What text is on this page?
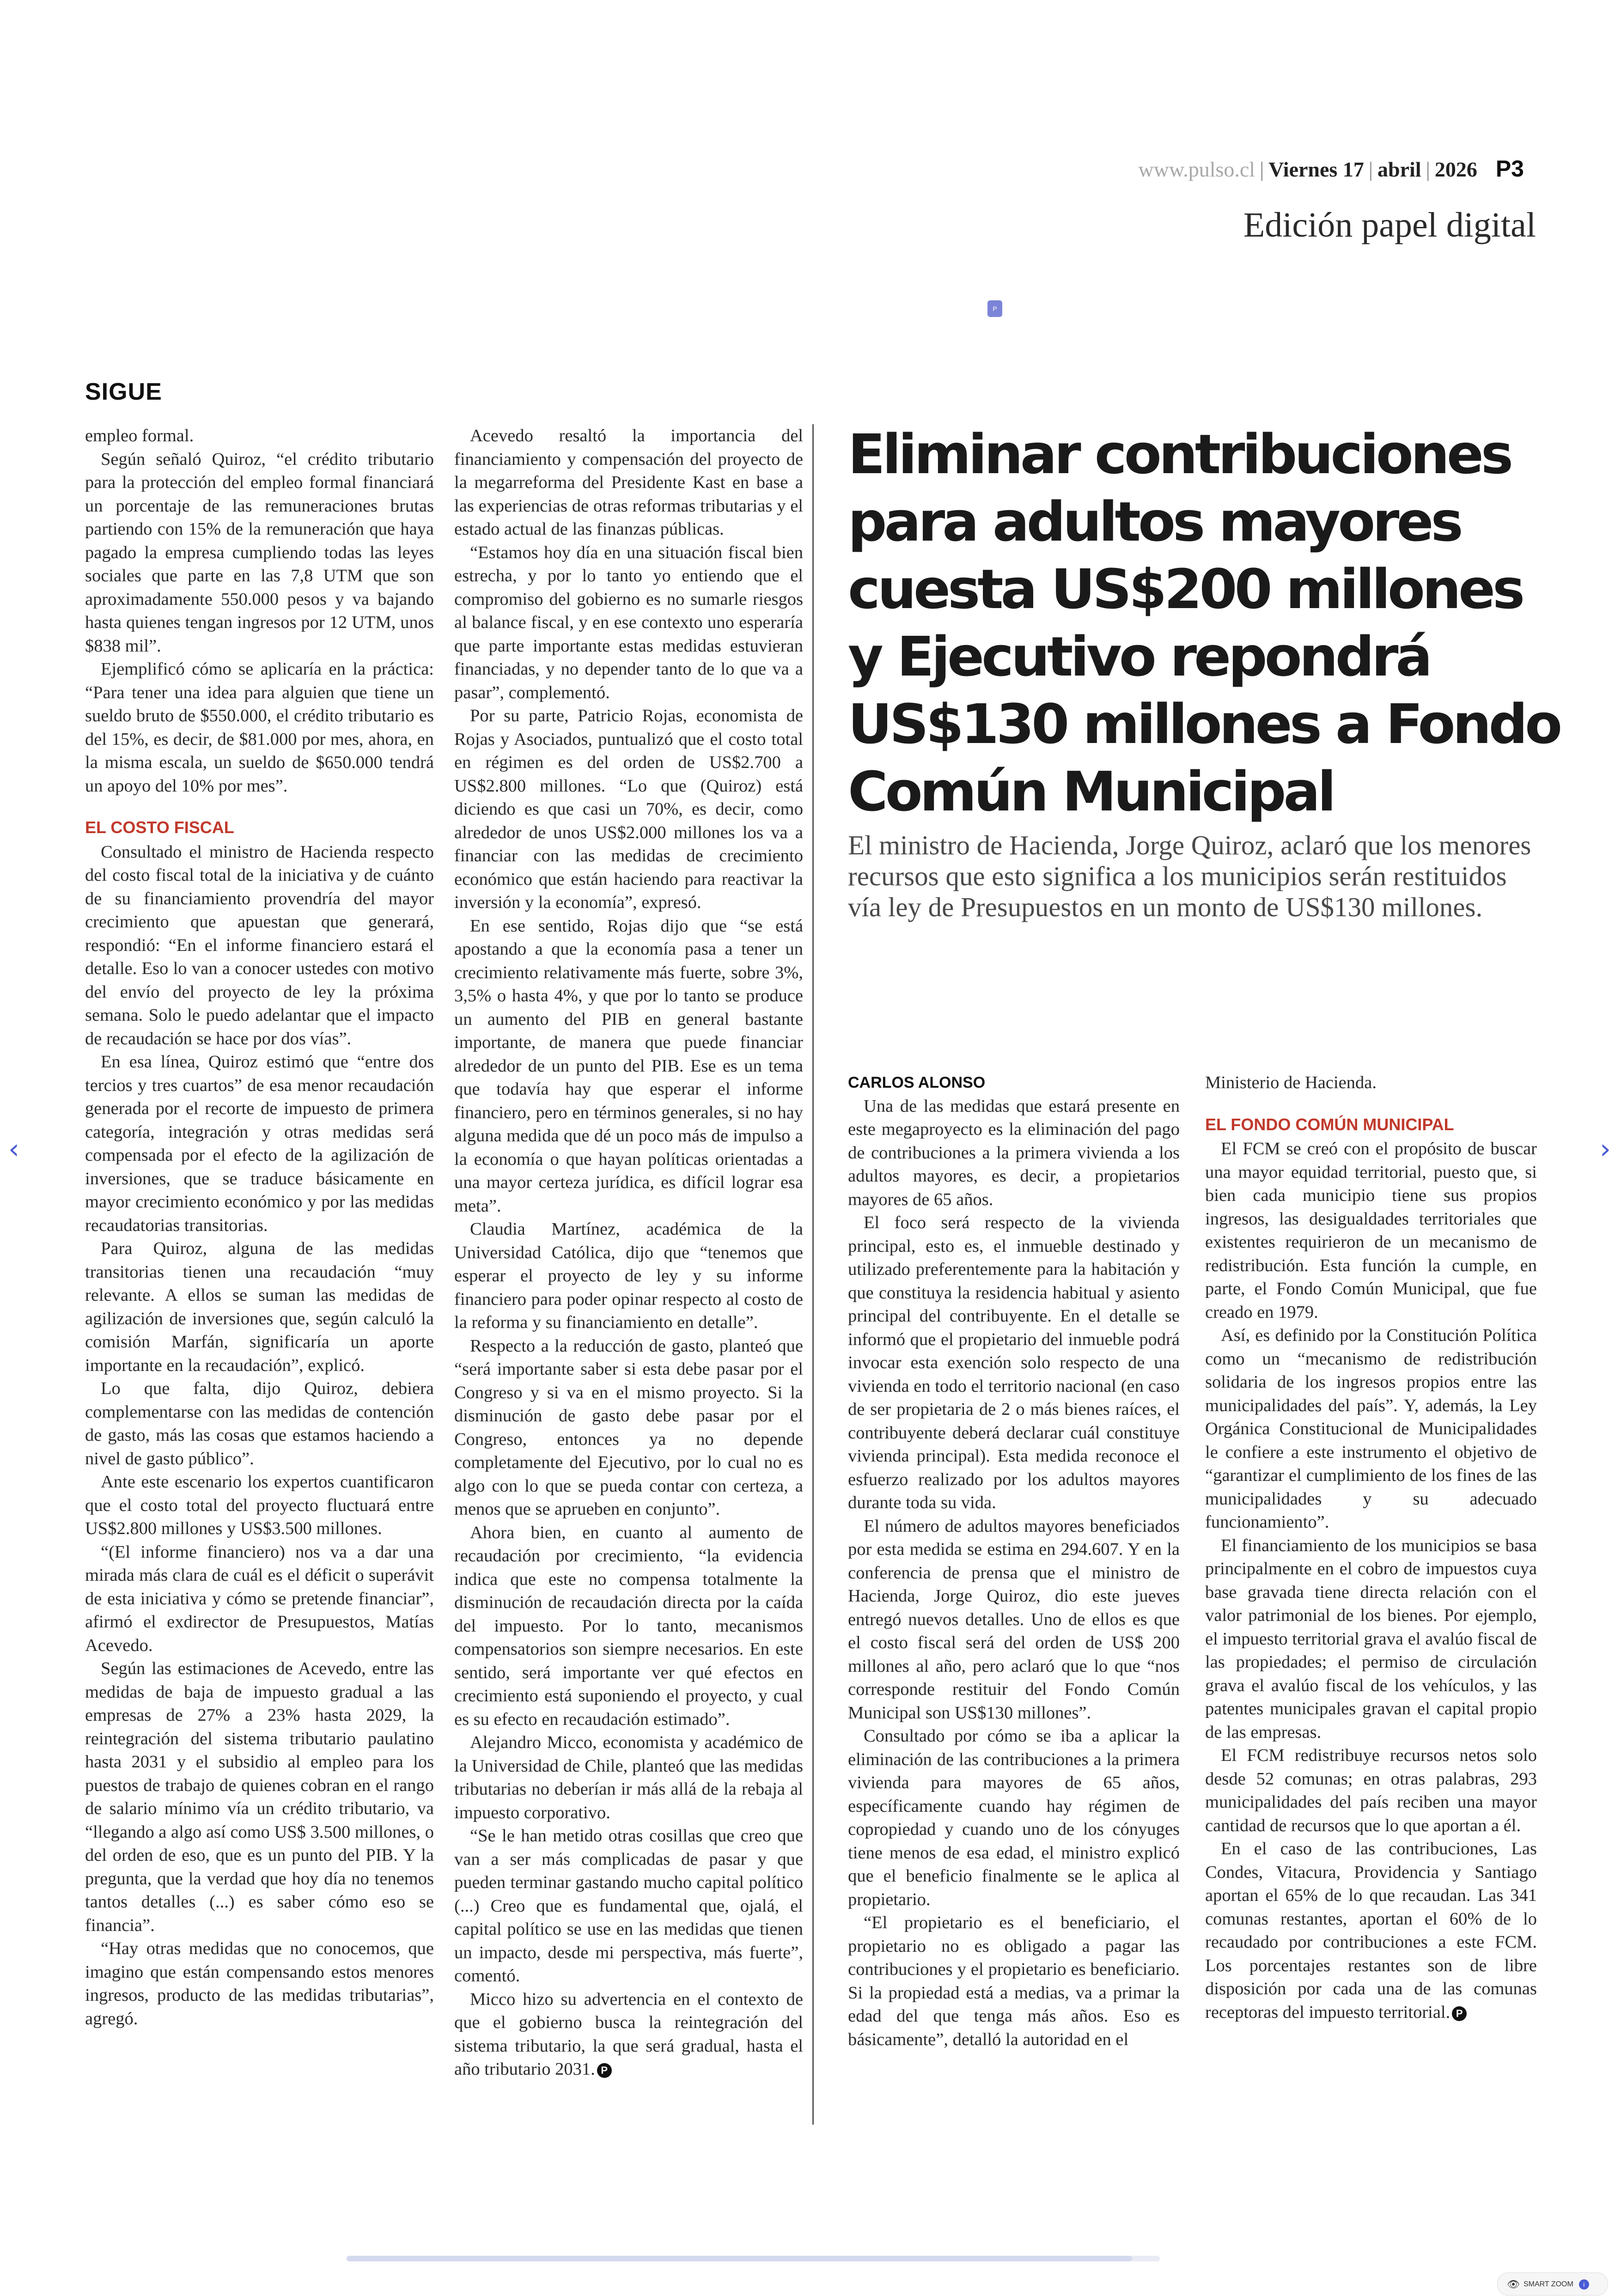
www.pulso.cl | Viernes 17 | abril | 2026 P3
Edición papel digital
P
SIGUE

empleo formal.

Según señaló Quiroz, “el crédito tributario para la protección del empleo formal financiará un porcentaje de las remuneraciones brutas partiendo con 15% de la remuneración que haya pagado la empresa cumpliendo todas las leyes sociales que parte en las 7,8 UTM que son aproximadamente 550.000 pesos y va bajando hasta quienes tengan ingresos por 12 UTM, unos $838 mil”.

Ejemplificó cómo se aplicaría en la práctica: “Para tener una idea para alguien que tiene un sueldo bruto de $550.000, el crédito tributario es del 15%, es decir, de $81.000 por mes, ahora, en la misma escala, un sueldo de $650.000 tendrá un apoyo del 10% por mes”.

EL COSTO FISCAL

Consultado el ministro de Hacienda respecto del costo fiscal total de la iniciativa y de cuánto de su financiamiento provendría del mayor crecimiento que apuestan que generará, respondió: “En el informe financiero estará el detalle. Eso lo van a conocer ustedes con motivo del envío del proyecto de ley la próxima semana. Solo le puedo adelantar que el impacto de recaudación se hace por dos vías”.

En esa línea, Quiroz estimó que “entre dos tercios y tres cuartos” de esa menor recaudación generada por el recorte de impuesto de primera categoría, integración y otras medidas será compensada por el efecto de la agilización de inversiones, que se traduce básicamente en mayor crecimiento económico y por las medidas recaudatorias transitorias.

Para Quiroz, alguna de las medidas transitorias tienen una recaudación “muy relevante. A ellos se suman las medidas de agilización de inversiones que, según calculó la comisión Marfán, significaría un aporte importante en la recaudación”, explicó.

Lo que falta, dijo Quiroz, debiera complementarse con las medidas de contención de gasto, más las cosas que estamos haciendo a nivel de gasto público”.

Ante este escenario los expertos cuantificaron que el costo total del proyecto fluctuará entre US$2.800 millones y US$3.500 millones.

“(El informe financiero) nos va a dar una mirada más clara de cuál es el déficit o superávit de esta iniciativa y cómo se pretende financiar”, afirmó el exdirector de Presupuestos, Matías Acevedo.

Según las estimaciones de Acevedo, entre las medidas de baja de impuesto gradual a las empresas de 27% a 23% hasta 2029, la reintegración del sistema tributario paulatino hasta 2031 y el subsidio al empleo para los puestos de trabajo de quienes cobran en el rango de salario mínimo vía un crédito tributario, va “llegando a algo así como US$ 3.500 millones, o del orden de eso, que es un punto del PIB. Y la pregunta, que la verdad que hoy día no tenemos tantos detalles (...) es saber cómo eso se financia”.

“Hay otras medidas que no conocemos, que imagino que están compensando estos menores ingresos, producto de las medidas tributarias”, agregó.

Acevedo resaltó la importancia del financiamiento y compensación del proyecto de la megarreforma del Presidente Kast en base a las experiencias de otras reformas tributarias y el estado actual de las finanzas públicas.

“Estamos hoy día en una situación fiscal bien estrecha, y por lo tanto yo entiendo que el compromiso del gobierno es no sumarle riesgos al balance fiscal, y en ese contexto uno esperaría que parte importante estas medidas estuvieran financiadas, y no depender tanto de lo que va a pasar”, complementó.

Por su parte, Patricio Rojas, economista de Rojas y Asociados, puntualizó que el costo total en régimen es del orden de US$2.700 a US$2.800 millones. “Lo que (Quiroz) está diciendo es que casi un 70%, es decir, como alrededor de unos US$2.000 millones los va a financiar con las medidas de crecimiento económico que están haciendo para reactivar la inversión y la economía”, expresó.

En ese sentido, Rojas dijo que “se está apostando a que la economía pasa a tener un crecimiento relativamente más fuerte, sobre 3%, 3,5% o hasta 4%, y que por lo tanto se produce un aumento del PIB en general bastante importante, de manera que puede financiar alrededor de un punto del PIB. Ese es un tema que todavía hay que esperar el informe financiero, pero en términos generales, si no hay alguna medida que dé un poco más de impulso a la economía o que hayan políticas orientadas a una mayor certeza jurídica, es difícil lograr esa meta”.

Claudia Martínez, académica de la Universidad Católica, dijo que “tenemos que esperar el proyecto de ley y su informe financiero para poder opinar respecto al costo de la reforma y su financiamiento en detalle”.

Respecto a la reducción de gasto, planteó que “será importante saber si esta debe pasar por el Congreso y si va en el mismo proyecto. Si la disminución de gasto debe pasar por el Congreso, entonces ya no depende completamente del Ejecutivo, por lo cual no es algo con lo que se pueda contar con certeza, a menos que se aprueben en conjunto”.

Ahora bien, en cuanto al aumento de recaudación por crecimiento, “la evidencia indica que este no compensa totalmente la disminución de recaudación directa por la caída del impuesto. Por lo tanto, mecanismos compensatorios son siempre necesarios. En este sentido, será importante ver qué efectos en crecimiento está suponiendo el proyecto, y cual es su efecto en recaudación estimado”.

Alejandro Micco, economista y académico de la Universidad de Chile, planteó que las medidas tributarias no deberían ir más allá de la rebaja al impuesto corporativo.

“Se le han metido otras cosillas que creo que van a ser más complicadas de pasar y que pueden terminar gastando mucho capital político (...) Creo que es fundamental que, ojalá, el capital político se use en las medidas que tienen un impacto, desde mi perspectiva, más fuerte”, comentó.

Micco hizo su advertencia en el contexto de que el gobierno busca la reintegración del sistema tributario, la que será gradual, hasta el año tributario 2031. P

Eliminar contribuciones
para adultos mayores
cuesta US$200 millones
y Ejecutivo repondrá
US$130 millones a Fondo
Común Municipal
El ministro de Hacienda, Jorge Quiroz, aclaró que los menores recursos que esto significa a los municipios serán restituidos vía ley de Presupuestos en un monto de US$130 millones.

CARLOS ALONSO

Una de las medidas que estará presente en este megaproyecto es la eliminación del pago de contribuciones a la primera vivienda a los adultos mayores, es decir, a propietarios mayores de 65 años.

El foco será respecto de la vivienda principal, esto es, el inmueble destinado y utilizado preferentemente para la habitación y que constituya la residencia habitual y asiento principal del contribuyente. En el detalle se informó que el propietario del inmueble podrá invocar esta exención solo respecto de una vivienda en todo el territorio nacional (en caso de ser propietaria de 2 o más bienes raíces, el contribuyente deberá declarar cuál constituye vivienda principal). Esta medida reconoce el esfuerzo realizado por los adultos mayores durante toda su vida.

El número de adultos mayores beneficiados por esta medida se estima en 294.607. Y en la conferencia de prensa que el ministro de Hacienda, Jorge Quiroz, dio este jueves entregó nuevos detalles. Uno de ellos es que el costo fiscal será del orden de US$ 200 millones al año, pero aclaró que lo que “nos corresponde restituir del Fondo Común Municipal son US$130 millones”.

Consultado por cómo se iba a aplicar la eliminación de las contribuciones a la primera vivienda para mayores de 65 años, específicamente cuando hay régimen de copropiedad y cuando uno de los cónyuges tiene menos de esa edad, el ministro explicó que el beneficio finalmente se le aplica al propietario.

“El propietario es el beneficiario, el propietario no es obligado a pagar las contribuciones y el propietario es beneficiario. Si la propiedad está a medias, va a primar la edad del que tenga más años. Eso es básicamente”, detalló la autoridad en el

Ministerio de Hacienda.

EL FONDO COMÚN MUNICIPAL

El FCM se creó con el propósito de buscar una mayor equidad territorial, puesto que, si bien cada municipio tiene sus propios ingresos, las desigualdades territoriales que existentes requirieron de un mecanismo de redistribución. Esta función la cumple, en parte, el Fondo Común Municipal, que fue creado en 1979.

Así, es definido por la Constitución Política como un “mecanismo de redistribución solidaria de los ingresos propios entre las municipalidades del país”. Y, además, la Ley Orgánica Constitucional de Municipalidades le confiere a este instrumento el objetivo de “garantizar el cumplimiento de los fines de las municipalidades y su adecuado funcionamiento”.

El financiamiento de los municipios se basa principalmente en el cobro de impuestos cuya base gravada tiene directa relación con el valor patrimonial de los bienes. Por ejemplo, el impuesto territorial grava el avalúo fiscal de las propiedades; el permiso de circulación grava el avalúo fiscal de los vehículos, y las patentes municipales gravan el capital propio de las empresas.

El FCM redistribuye recursos netos solo desde 52 comunas; en otras palabras, 293 municipalidades del país reciben una mayor cantidad de recursos que lo que aportan a él.

En el caso de las contribuciones, Las Condes, Vitacura, Providencia y Santiago aportan el 65% de lo que recaudan. Las 341 comunas restantes, aportan el 60% de lo recaudado por contribuciones a este FCM. Los porcentajes restantes son de libre disposición por cada una de las comunas receptoras del impuesto territorial. P

‹	›
👁 SMART ZOOM i
